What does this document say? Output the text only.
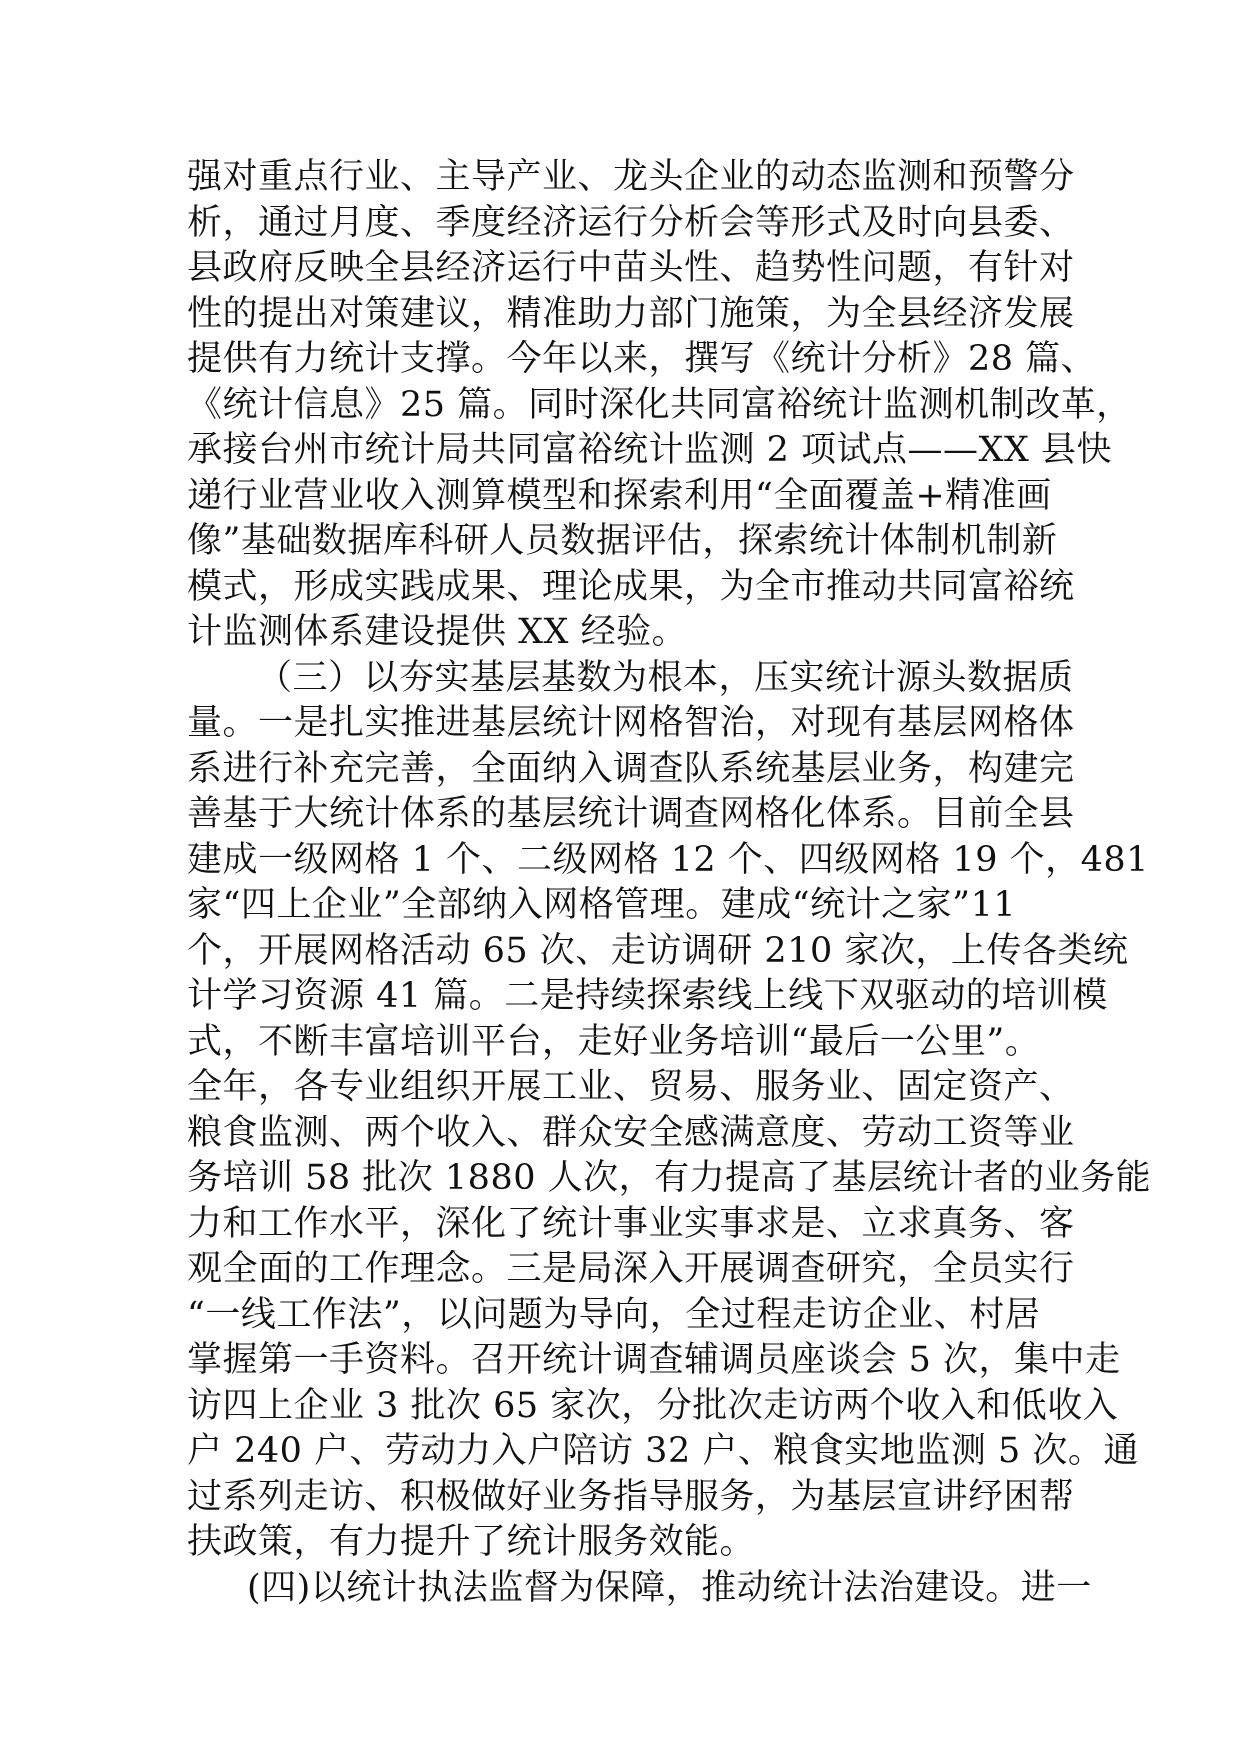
强对重点行业、主导产业、龙头企业的动态监测和预警分
析，通过月度、季度经济运行分析会等形式及时向县委、
县政府反映全县经济运行中苗头性、趋势性问题，有针对
性的提出对策建议，精准助力部门施策，为全县经济发展
提供有力统计支撑。今年以来，撰写《统计分析》28 篇、
《统计信息》25 篇。同时深化共同富裕统计监测机制改革，
承接台州市统计局共同富裕统计监测 2 项试点——XX 县快
递行业营业收入测算模型和探索利用“全面覆盖+精准画
像”基础数据库科研人员数据评估，探索统计体制机制新
模式，形成实践成果、理论成果，为全市推动共同富裕统
计监测体系建设提供 XX 经验。
（三）以夯实基层基数为根本，压实统计源头数据质
量。一是扎实推进基层统计网格智治，对现有基层网格体
系进行补充完善，全面纳入调查队系统基层业务，构建完
善基于大统计体系的基层统计调查网格化体系。目前全县
建成一级网格 1 个、二级网格 12 个、四级网格 19 个，481
家“四上企业”全部纳入网格管理。建成“统计之家”11
个，开展网格活动 65 次、走访调研 210 家次，上传各类统
计学习资源 41 篇。二是持续探索线上线下双驱动的培训模
式，不断丰富培训平台，走好业务培训“最后一公里”。
全年，各专业组织开展工业、贸易、服务业、固定资产、
粮食监测、两个收入、群众安全感满意度、劳动工资等业
务培训 58 批次 1880 人次，有力提高了基层统计者的业务能
力和工作水平，深化了统计事业实事求是、立求真务、客
观全面的工作理念。三是局深入开展调查研究，全员实行
“一线工作法”，以问题为导向，全过程走访企业、村居
掌握第一手资料。召开统计调查辅调员座谈会 5 次，集中走
访四上企业 3 批次 65 家次，分批次走访两个收入和低收入
户 240 户、劳动力入户陪访 32 户、粮食实地监测 5 次。通
过系列走访、积极做好业务指导服务，为基层宣讲纾困帮
扶政策，有力提升了统计服务效能。
(四)以统计执法监督为保障，推动统计法治建设。进一
